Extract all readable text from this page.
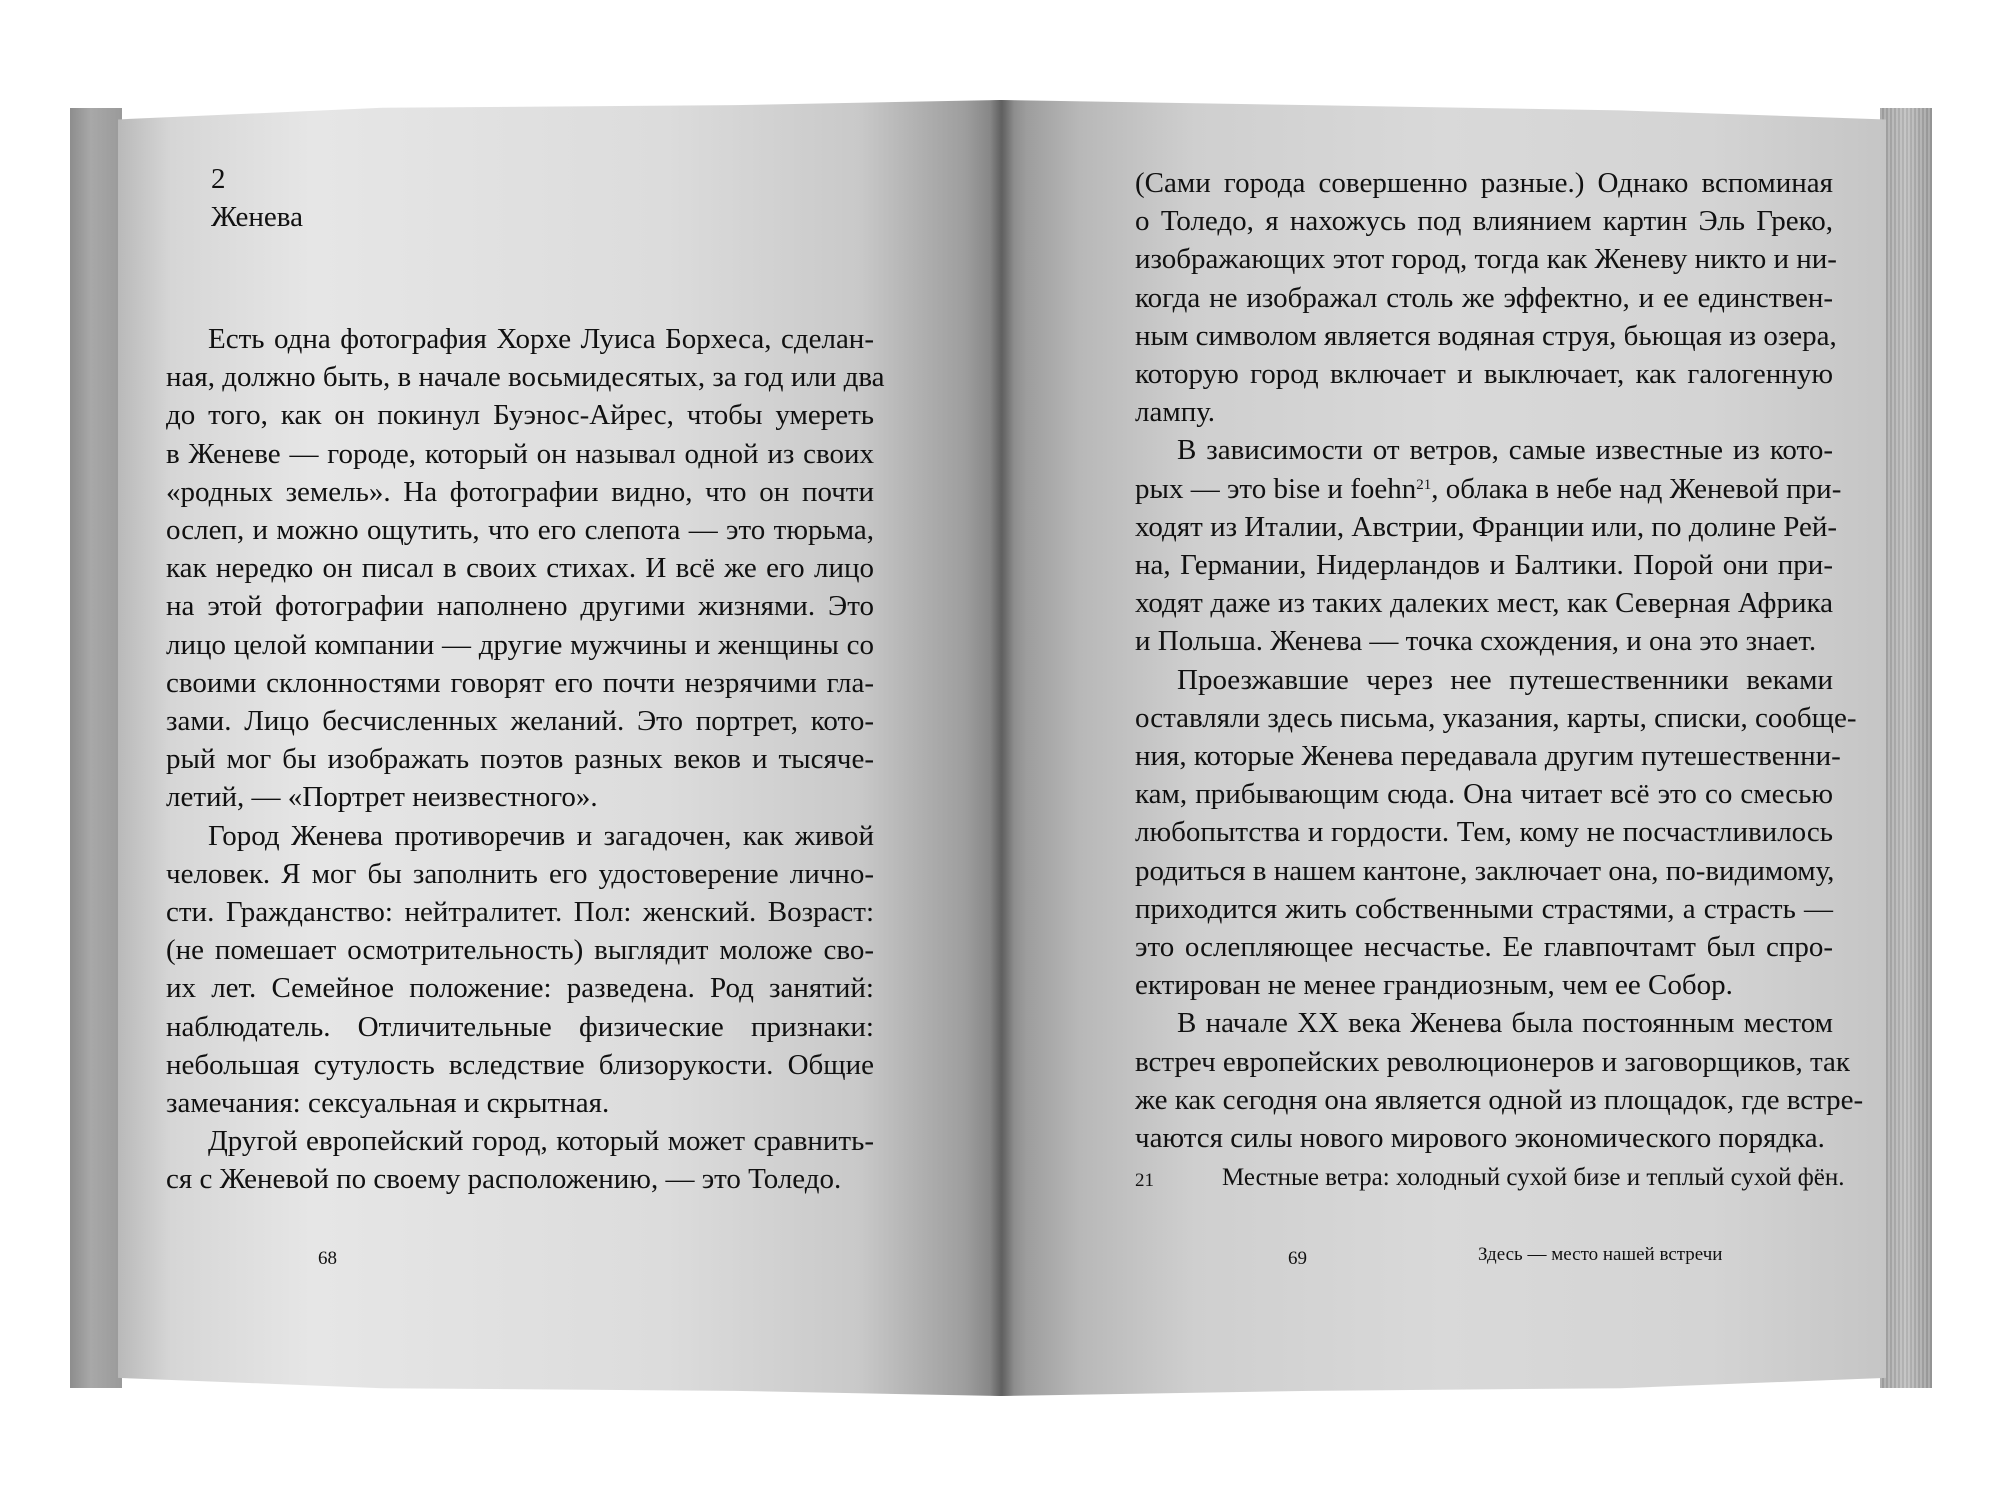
2
Женева
Есть одна фотография Хорхе Луиса Борхеса, сделан-
ная, должно быть, в начале восьмидесятых, за год или два
до того, как он покинул Буэнос-Айрес, чтобы умереть
в Женеве — городе, который он называл одной из своих
«родных земель». На фотографии видно, что он почти
ослеп, и можно ощутить, что его слепота — это тюрьма,
как нередко он писал в своих стихах. И всё же его лицо
на этой фотографии наполнено другими жизнями. Это
лицо целой компании — другие мужчины и женщины со
своими склонностями говорят его почти незрячими гла-
зами. Лицо бесчисленных желаний. Это портрет, кото-
рый мог бы изображать поэтов разных веков и тысяче-
летий, — «Портрет неизвестного».
Город Женева противоречив и загадочен, как живой
человек. Я мог бы заполнить его удостоверение лично-
сти. Гражданство: нейтралитет. Пол: женский. Возраст:
(не помешает осмотрительность) выглядит моложе сво-
их лет. Семейное положение: разведена. Род занятий:
наблюдатель. Отличительные физические признаки:
небольшая сутулость вследствие близорукости. Общие
замечания: сексуальная и скрытная.
Другой европейский город, который может сравнить-
ся с Женевой по своему расположению, — это Толедо.
(Сами города совершенно разные.) Однако вспоминая
о Толедо, я нахожусь под влиянием картин Эль Греко,
изображающих этот город, тогда как Женеву никто и ни-
когда не изображал столь же эффектно, и ее единствен-
ным символом является водяная струя, бьющая из озера,
которую город включает и выключает, как галогенную
лампу.
В зависимости от ветров, самые известные из кото-
рых — это bise и foehn$^{21}$, облака в небе над Женевой при-
ходят из Италии, Австрии, Франции или, по долине Рей-
на, Германии, Нидерландов и Балтики. Порой они при-
ходят даже из таких далеких мест, как Северная Африка
и Польша. Женева — точка схождения, и она это знает.
Проезжавшие через нее путешественники веками
оставляли здесь письма, указания, карты, списки, сообще-
ния, которые Женева передавала другим путешественни-
кам, прибывающим сюда. Она читает всё это со смесью
любопытства и гордости. Тем, кому не посчастливилось
родиться в нашем кантоне, заключает она, по-видимому,
приходится жить собственными страстями, а страсть —
это ослепляющее несчастье. Ее главпочтамт был спро-
ектирован не менее грандиозным, чем ее Собор.
В начале XX века Женева была постоянным местом
встреч европейских революционеров и заговорщиков, так
же как сегодня она является одной из площадок, где встре-
чаются силы нового мирового экономического порядка.
21	Местные ветра: холодный сухой бизе и теплый сухой фён.
68	69	Здесь — место нашей встречи
